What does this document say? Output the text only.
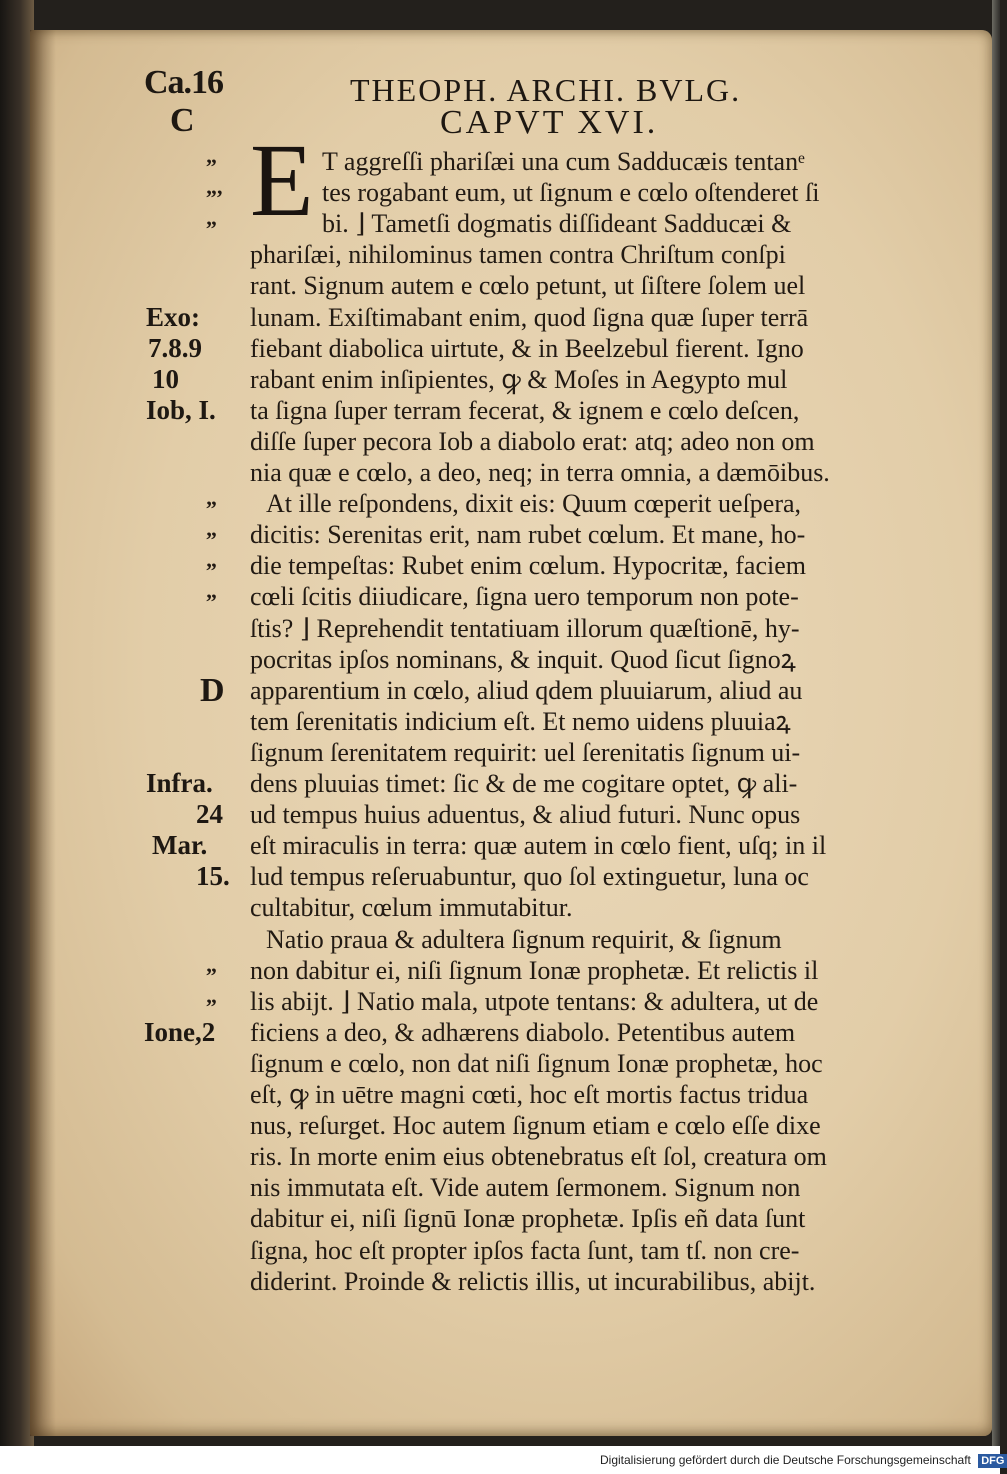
Ca.16
C
THEOPH. ARCHI. BVLG.
CAPVT XVI.
E T aggreſſi phariſæi una cum Sadducæis tentanᵉ
tes rogabant eum, ut ſignum e cœlo oſtenderet ſi
bi. ⌋ Tametſi dogmatis diſſideant Sadducæi &
phariſæi, nihilominus tamen contra Chriſtum conſpi
rant. Signum autem e cœlo petunt, ut ſiſtere ſolem uel
lunam. Exiſtimabant enim, quod ſigna quæ ſuper terrā
fiebant diabolica uirtute, & in Beelzebul fierent. Igno
rabant enim inſipientes, ꝙ & Moſes in Aegypto mul
ta ſigna ſuper terram fecerat, & ignem e cœlo deſcen,
diſſe ſuper pecora Iob a diabolo erat: atq; adeo non om
nia quæ e cœlo, a deo, neq; in terra omnia, a dæmōibus.
At ille reſpondens, dixit eis: Quum cœperit ueſpera,
dicitis: Serenitas erit, nam rubet cœlum. Et mane, ho-
die tempeſtas: Rubet enim cœlum. Hypocritæ, faciem
cœli ſcitis diiudicare, ſigna uero temporum non pote-
ſtis? ⌋ Reprehendit tentatiuam illorum quæſtionē, hy-
pocritas ipſos nominans, & inquit. Quod ſicut ſignoꝝ
apparentium in cœlo, aliud qdem pluuiarum, aliud au
tem ſerenitatis indicium eſt. Et nemo uidens pluuiaꝝ
ſignum ſerenitatem requirit: uel ſerenitatis ſignum ui-
dens pluuias timet: ſic & de me cogitare optet, ꝙ ali-
ud tempus huius aduentus, & aliud futuri. Nunc opus
eſt miraculis in terra: quæ autem in cœlo fient, uſq; in il
lud tempus reſeruabuntur, quo ſol extinguetur, luna oc
cultabitur, cœlum immutabitur.
Natio praua & adultera ſignum requirit, & ſignum
non dabitur ei, niſi ſignum Ionæ prophetæ. Et relictis il
lis abijt. ⌋ Natio mala, utpote tentans: & adultera, ut de
ficiens a deo, & adhærens diabolo. Petentibus autem
ſignum e cœlo, non dat niſi ſignum Ionæ prophetæ, hoc
eſt, ꝙ in uētre magni cœti, hoc eſt mortis factus tridua
nus, reſurget. Hoc autem ſignum etiam e cœlo eſſe dixe
ris. In morte enim eius obtenebratus eſt ſol, creatura om
nis immutata eſt. Vide autem ſermonem. Signum non
dabitur ei, niſi ſignū Ionæ prophetæ. Ipſis eñ data ſunt
ſigna, hoc eſt propter ipſos facta ſunt, tam tſ. non cre-
diderint. Proinde & relictis illis, ut incurabilibus, abijt.
„
„,
„
„
„
„
„
„
„
Exo:
7.8.9
10
Iob, I.
D
Infra.
24
Mar.
15.
Ione,2
Digitalisierung gefördert durch die Deutsche Forschungsgemeinschaft DFG
